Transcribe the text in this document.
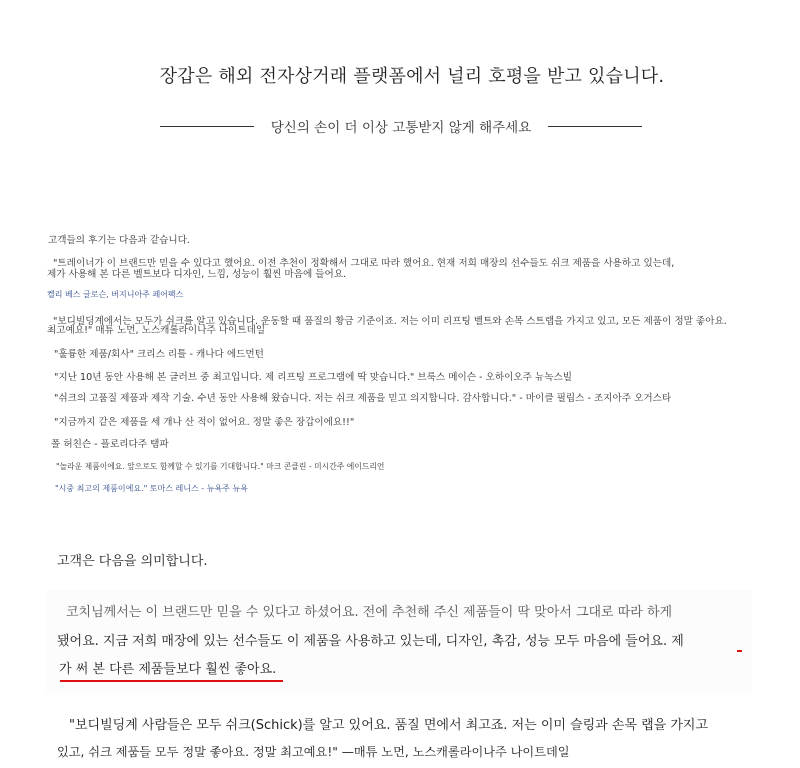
장갑은 해외 전자상거래 플랫폼에서 널리 호평을 받고 있습니다.
당신의 손이 더 이상 고통받지 않게 해주세요
고객들의 후기는 다음과 같습니다.
"트레이너가 이 브랜드만 믿을 수 있다고 했어요. 이전 추천이 정확해서 그대로 따라 했어요. 현재 저희 매장의 선수들도 쉬크 제품을 사용하고 있는데,
제가 사용해 본 다른 벨트보다 디자인, 느낌, 성능이 훨씬 마음에 들어요.
켈리 베스 글로슨, 버지니아주 페어팩스
"보디빌딩계에서는 모두가 쉬크를 알고 있습니다. 운동할 때 품질의 황금 기준이죠. 저는 이미 리프팅 벨트와 손목 스트랩을 가지고 있고, 모든 제품이 정말 좋아요.
최고예요!" 매튜 노먼, 노스캐롤라이나주 나이트데일
"훌륭한 제품/회사" 크리스 리틀 - 캐나다 에드먼턴
"지난 10년 동안 사용해 본 글러브 중 최고입니다. 제 리프팅 프로그램에 딱 맞습니다." 브룩스 메이슨 - 오하이오주 뉴녹스빌
"쉬크의 고품질 제품과 제작 기술. 수년 동안 사용해 왔습니다. 저는 쉬크 제품을 믿고 의지합니다. 감사합니다." - 마이클 필립스 - 조지아주 오거스타
"지금까지 같은 제품을 세 개나 산 적이 없어요. 정말 좋은 장갑이에요!!"
폴 허친슨 - 플로리다주 탬파
"놀라운 제품이에요. 앞으로도 함께할 수 있기를 기대합니다." 마크 콘클린 - 미시간주 에이드리언
"시중 최고의 제품이에요." 토마스 레니스 - 뉴욕주 뉴욕
고객은 다음을 의미합니다.
코치님께서는 이 브랜드만 믿을 수 있다고 하셨어요. 전에 추천해 주신 제품들이 딱 맞아서 그대로 따라 하게
됐어요. 지금 저희 매장에 있는 선수들도 이 제품을 사용하고 있는데, 디자인, 촉감, 성능 모두 마음에 들어요. 제
가 써 본 다른 제품들보다 훨씬 좋아요.
"보디빌딩계 사람들은 모두 쉬크(Schick)를 알고 있어요. 품질 면에서 최고죠. 저는 이미 슬링과 손목 랩을 가지고
있고, 쉬크 제품들 모두 정말 좋아요. 정말 최고예요!" —매튜 노먼, 노스캐롤라이나주 나이트데일
